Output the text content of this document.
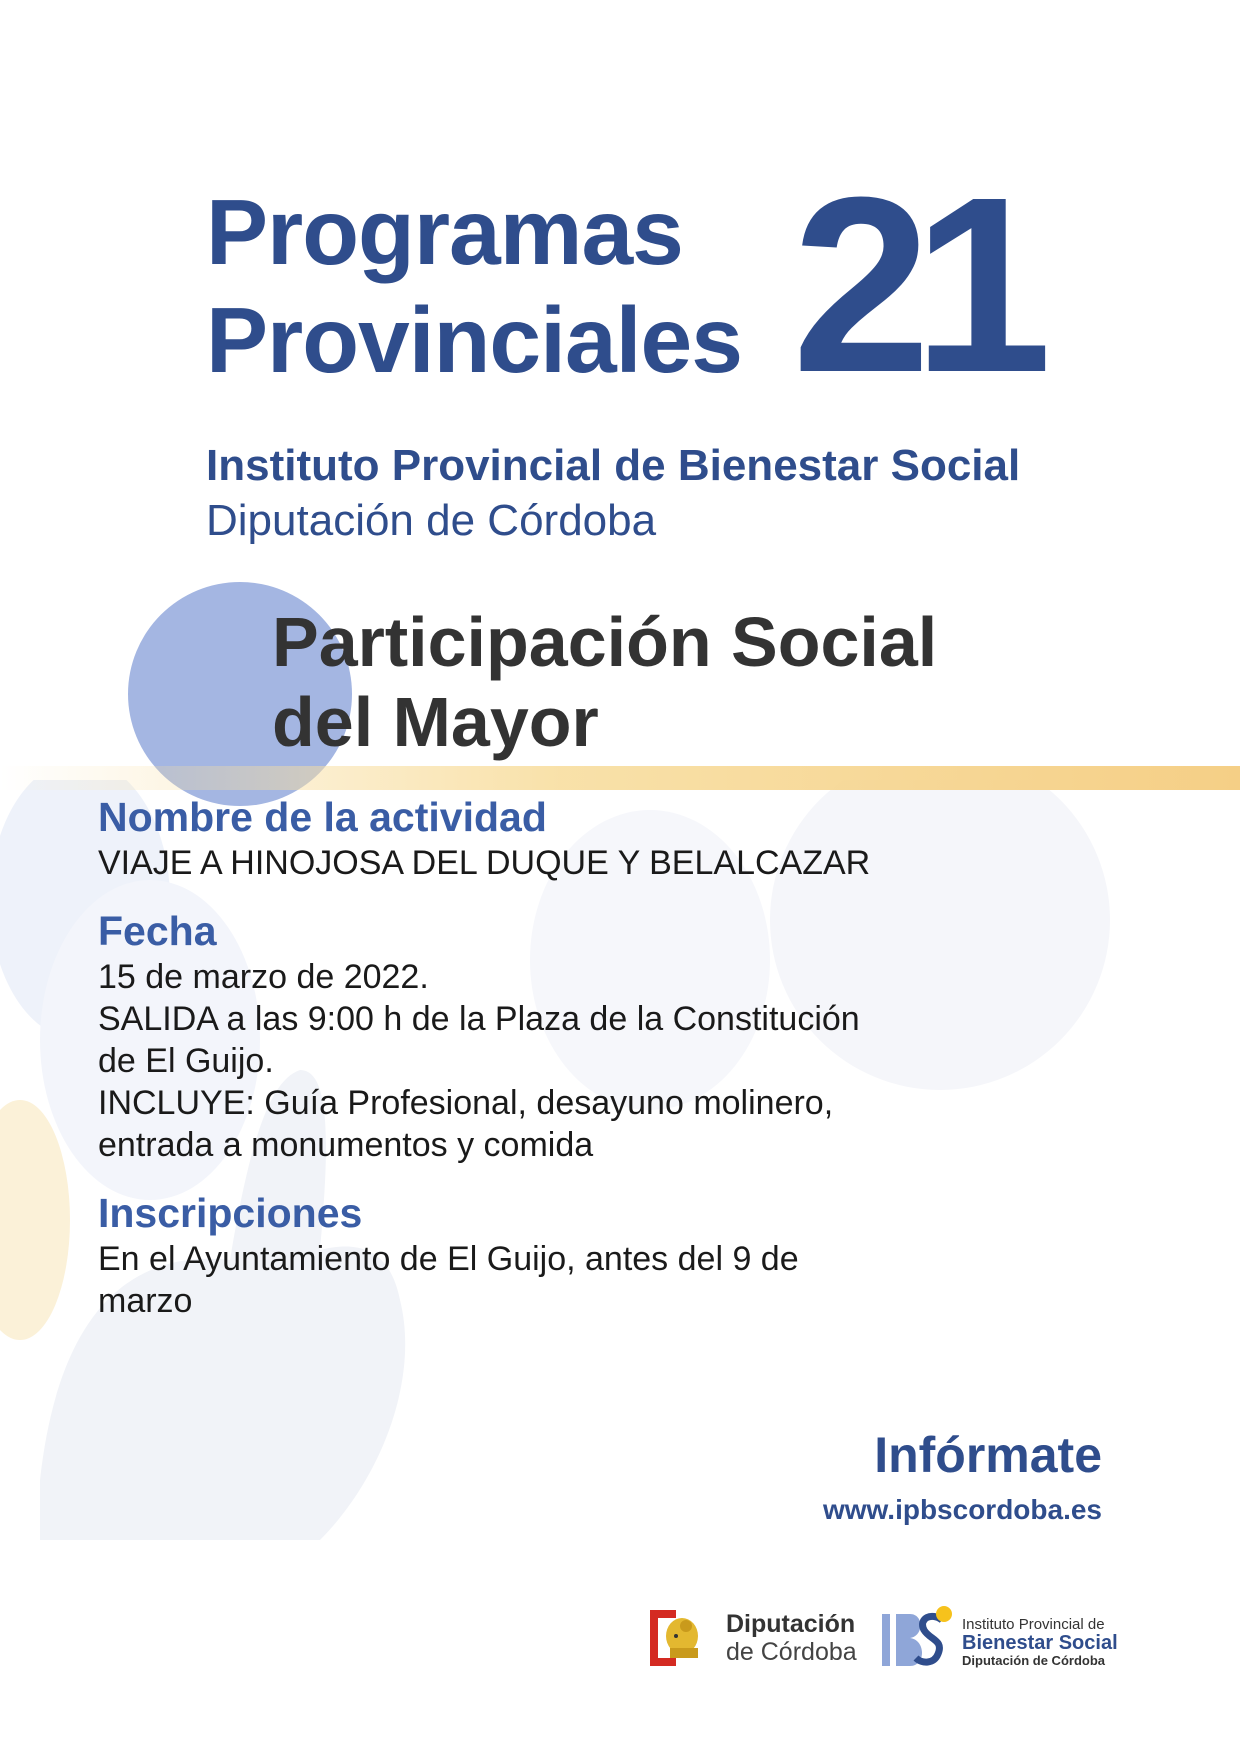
Programas
Provinciales 21

Instituto Provincial de Bienestar Social

Diputación de Córdoba

Participación Social
del Mayor

Nombre de la actividad

VIAJE A HINOJOSA DEL DUQUE Y BELALCAZAR

Fecha

15 de marzo de 2022.

SALIDA a las 9:00 h de la Plaza de la Constitución

de El Guijo.

INCLUYE: Guía Profesional, desayuno molinero,

entrada a monumentos y comida

Inscripciones

En el Ayuntamiento de El Guijo, antes del 9 de

marzo

Infórmate

www.ipbscordoba.es

Diputación

de Córdoba

Instituto Provincial de

Bienestar Social

Diputación de Córdoba
